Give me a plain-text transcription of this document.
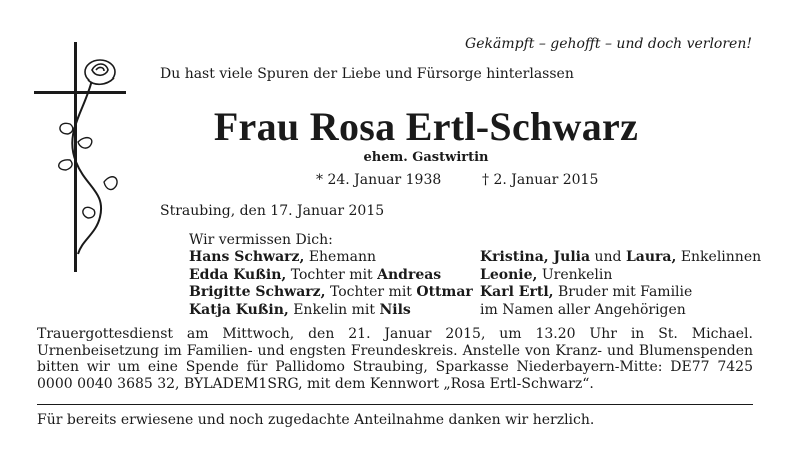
Gekämpft – gehofft – und doch verloren!
Du hast viele Spuren der Liebe und Fürsorge hinterlassen
Frau Rosa Ertl-Schwarz
ehem. Gastwirtin
* 24. Januar 1938	† 2. Januar 2015
Straubing, den 17. Januar 2015
Wir vermissen Dich:
Hans Schwarz, Ehemann
Edda Kußin, Tochter mit Andreas
Brigitte Schwarz, Tochter mit Ottmar
Katja Kußin, Enkelin mit Nils
Kristina, Julia und Laura, Enkelinnen
Leonie, Urenkelin
Karl Ertl, Bruder mit Familie
im Namen aller Angehörigen
Trauergottesdienst am Mittwoch, den 21. Januar 2015, um 13.20 Uhr in St. Michael. Urnenbeisetzung im Familien- und engsten Freundeskreis. Anstelle von Kranz- und Blumenspenden bitten wir um eine Spende für Pallidomo Straubing, Sparkasse Niederbayern-Mitte: DE77 7425 0000 0040 3685 32, BYLADEM1SRG, mit dem Kennwort „Rosa Ertl-Schwarz“.
Für bereits erwiesene und noch zugedachte Anteilnahme danken wir herzlich.
